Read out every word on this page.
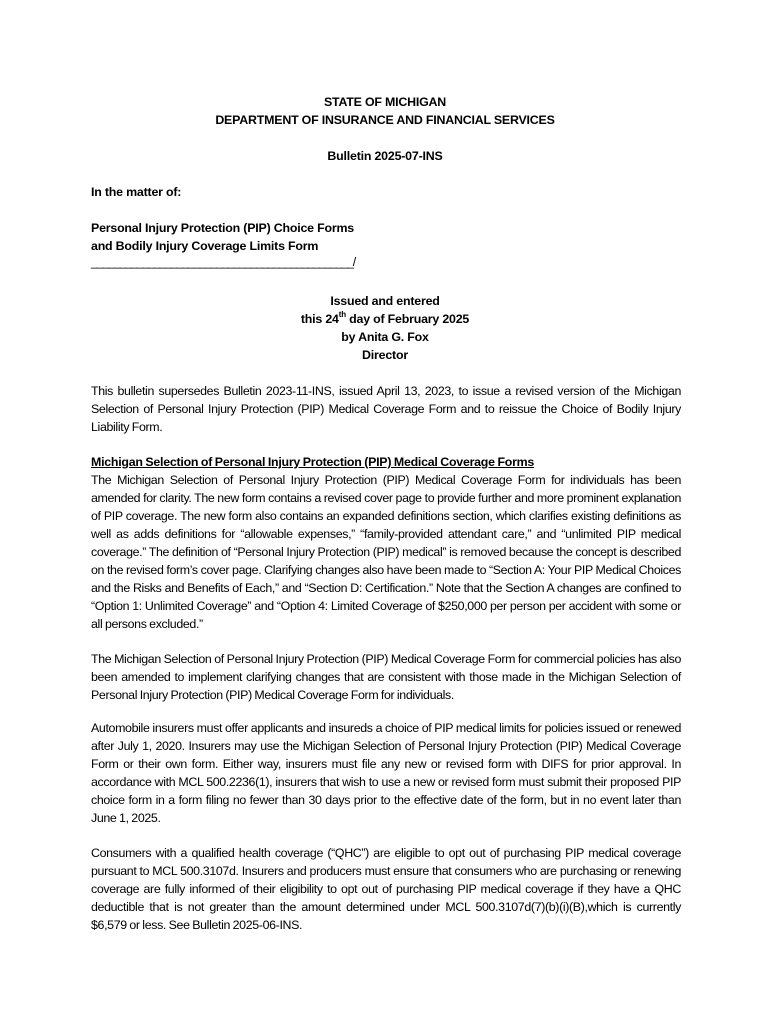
STATE OF MICHIGAN
DEPARTMENT OF INSURANCE AND FINANCIAL SERVICES
Bulletin 2025-07-INS
In the matter of:
Personal Injury Protection (PIP) Choice Forms
and Bodily Injury Coverage Limits Form
______________________________________________/
Issued and entered
this 24th day of February 2025
by Anita G. Fox
Director
This bulletin supersedes Bulletin 2023-11-INS, issued April 13, 2023, to issue a revised version of the Michigan Selection of Personal Injury Protection (PIP) Medical Coverage Form and to reissue the Choice of Bodily Injury Liability Form.
Michigan Selection of Personal Injury Protection (PIP) Medical Coverage Forms
The Michigan Selection of Personal Injury Protection (PIP) Medical Coverage Form for individuals has been amended for clarity. The new form contains a revised cover page to provide further and more prominent explanation of PIP coverage. The new form also contains an expanded definitions section, which clarifies existing definitions as well as adds definitions for “allowable expenses,” “family-provided attendant care,” and “unlimited PIP medical coverage.” The definition of “Personal Injury Protection (PIP) medical” is removed because the concept is described on the revised form’s cover page. Clarifying changes also have been made to “Section A: Your PIP Medical Choices and the Risks and Benefits of Each,” and “Section D: Certification.” Note that the Section A changes are confined to “Option 1: Unlimited Coverage” and “Option 4: Limited Coverage of $250,000 per person per accident with some or all persons excluded.”
The Michigan Selection of Personal Injury Protection (PIP) Medical Coverage Form for commercial policies has also been amended to implement clarifying changes that are consistent with those made in the Michigan Selection of Personal Injury Protection (PIP) Medical Coverage Form for individuals.
Automobile insurers must offer applicants and insureds a choice of PIP medical limits for policies issued or renewed after July 1, 2020. Insurers may use the Michigan Selection of Personal Injury Protection (PIP) Medical Coverage Form or their own form. Either way, insurers must file any new or revised form with DIFS for prior approval. In accordance with MCL 500.2236(1), insurers that wish to use a new or revised form must submit their proposed PIP choice form in a form filing no fewer than 30 days prior to the effective date of the form, but in no event later than June 1, 2025.
Consumers with a qualified health coverage (“QHC”) are eligible to opt out of purchasing PIP medical coverage pursuant to MCL 500.3107d. Insurers and producers must ensure that consumers who are purchasing or renewing coverage are fully informed of their eligibility to opt out of purchasing PIP medical coverage if they have a QHC deductible that is not greater than the amount determined under MCL 500.3107d(7)(b)(i)(B),which is currently $6,579 or less. See Bulletin 2025-06-INS.
